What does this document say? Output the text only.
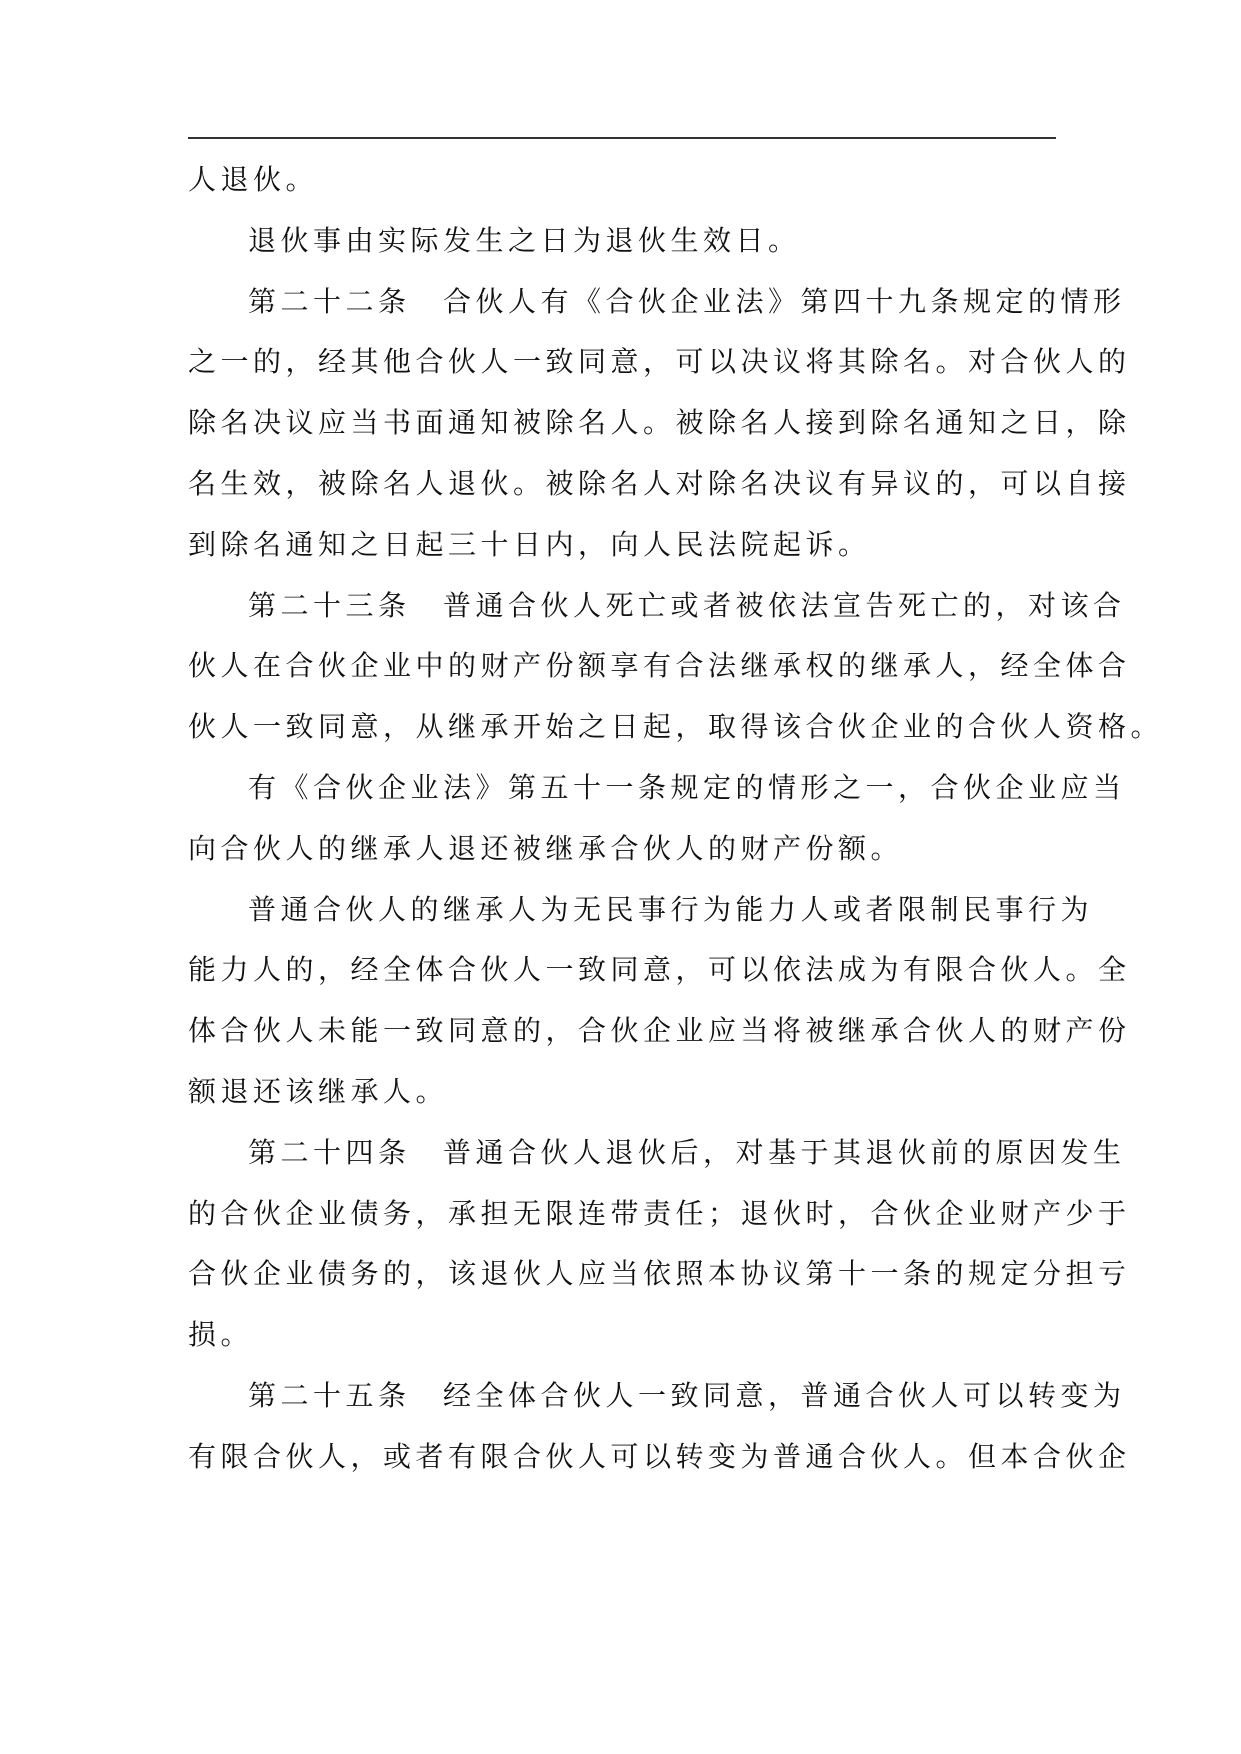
人退伙。
退伙事由实际发生之日为退伙生效日。
第二十二条　合伙人有《合伙企业法》第四十九条规定的情形
之一的，经其他合伙人一致同意，可以决议将其除名。对合伙人的
除名决议应当书面通知被除名人。被除名人接到除名通知之日，除
名生效，被除名人退伙。被除名人对除名决议有异议的，可以自接
到除名通知之日起三十日内，向人民法院起诉。
第二十三条　普通合伙人死亡或者被依法宣告死亡的，对该合
伙人在合伙企业中的财产份额享有合法继承权的继承人，经全体合
伙人一致同意，从继承开始之日起，取得该合伙企业的合伙人资格。
有《合伙企业法》第五十一条规定的情形之一，合伙企业应当
向合伙人的继承人退还被继承合伙人的财产份额。
普通合伙人的继承人为无民事行为能力人或者限制民事行为
能力人的，经全体合伙人一致同意，可以依法成为有限合伙人。全
体合伙人未能一致同意的，合伙企业应当将被继承合伙人的财产份
额退还该继承人。
第二十四条　普通合伙人退伙后，对基于其退伙前的原因发生
的合伙企业债务，承担无限连带责任；退伙时，合伙企业财产少于
合伙企业债务的，该退伙人应当依照本协议第十一条的规定分担亏
损。
第二十五条　经全体合伙人一致同意，普通合伙人可以转变为
有限合伙人，或者有限合伙人可以转变为普通合伙人。但本合伙企
